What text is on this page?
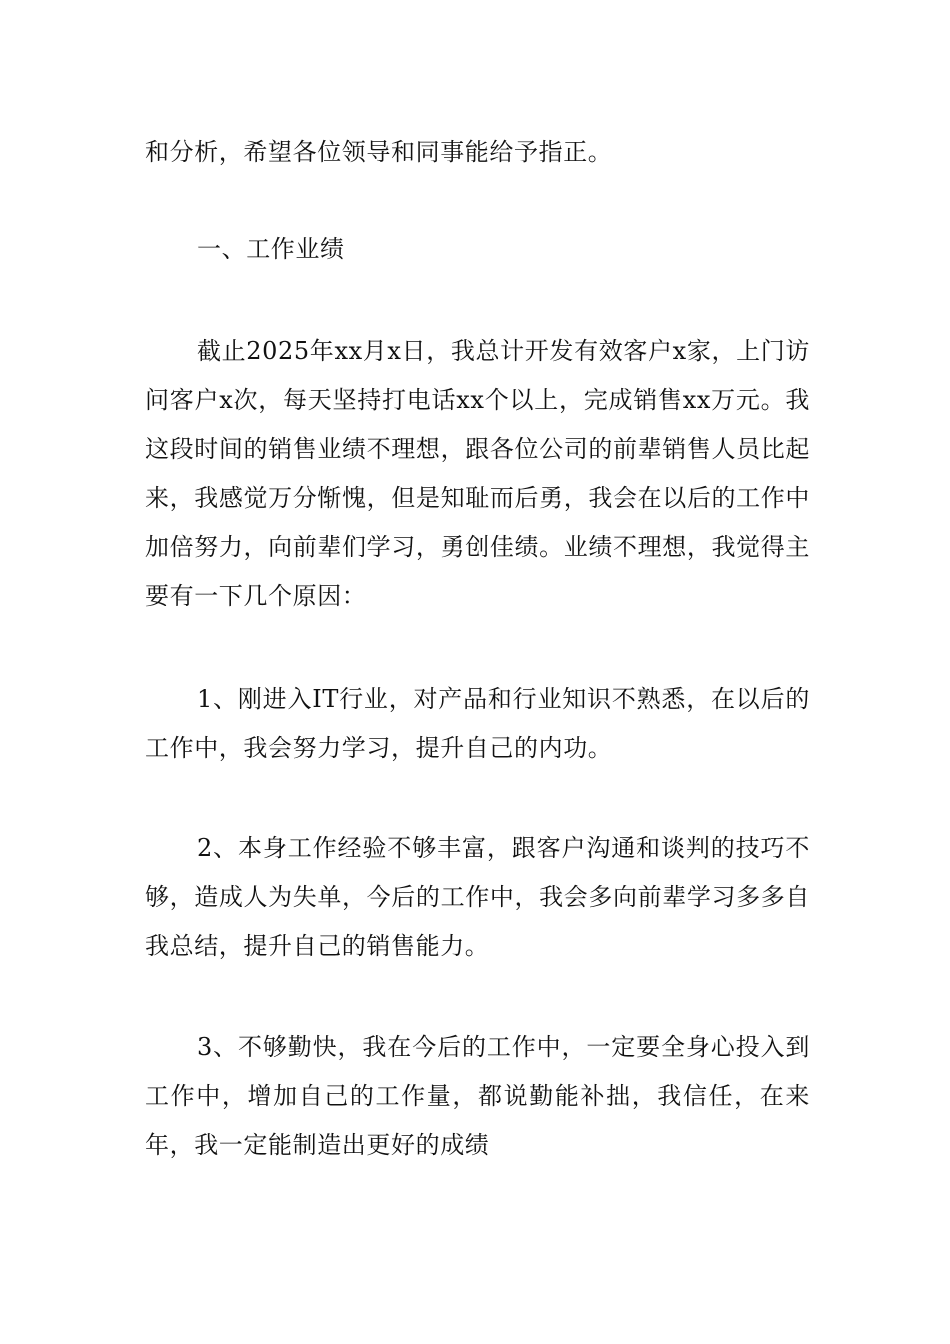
和分析，希望各位领导和同事能给予指正。

一、工作业绩

截止2025年xx月x日，我总计开发有效客户x家，上门访问客户x次，每天坚持打电话xx个以上，完成销售xx万元。我这段时间的销售业绩不理想，跟各位公司的前辈销售人员比起来，我感觉万分惭愧，但是知耻而后勇，我会在以后的工作中加倍努力，向前辈们学习，勇创佳绩。业绩不理想，我觉得主要有一下几个原因：

1、刚进入IT行业，对产品和行业知识不熟悉，在以后的工作中，我会努力学习，提升自己的内功。

2、本身工作经验不够丰富，跟客户沟通和谈判的技巧不够，造成人为失单，今后的工作中，我会多向前辈学习多多自我总结，提升自己的销售能力。

3、不够勤快，我在今后的工作中，一定要全身心投入到工作中，增加自己的工作量，都说勤能补拙，我信任，在来年，我一定能制造出更好的成绩
